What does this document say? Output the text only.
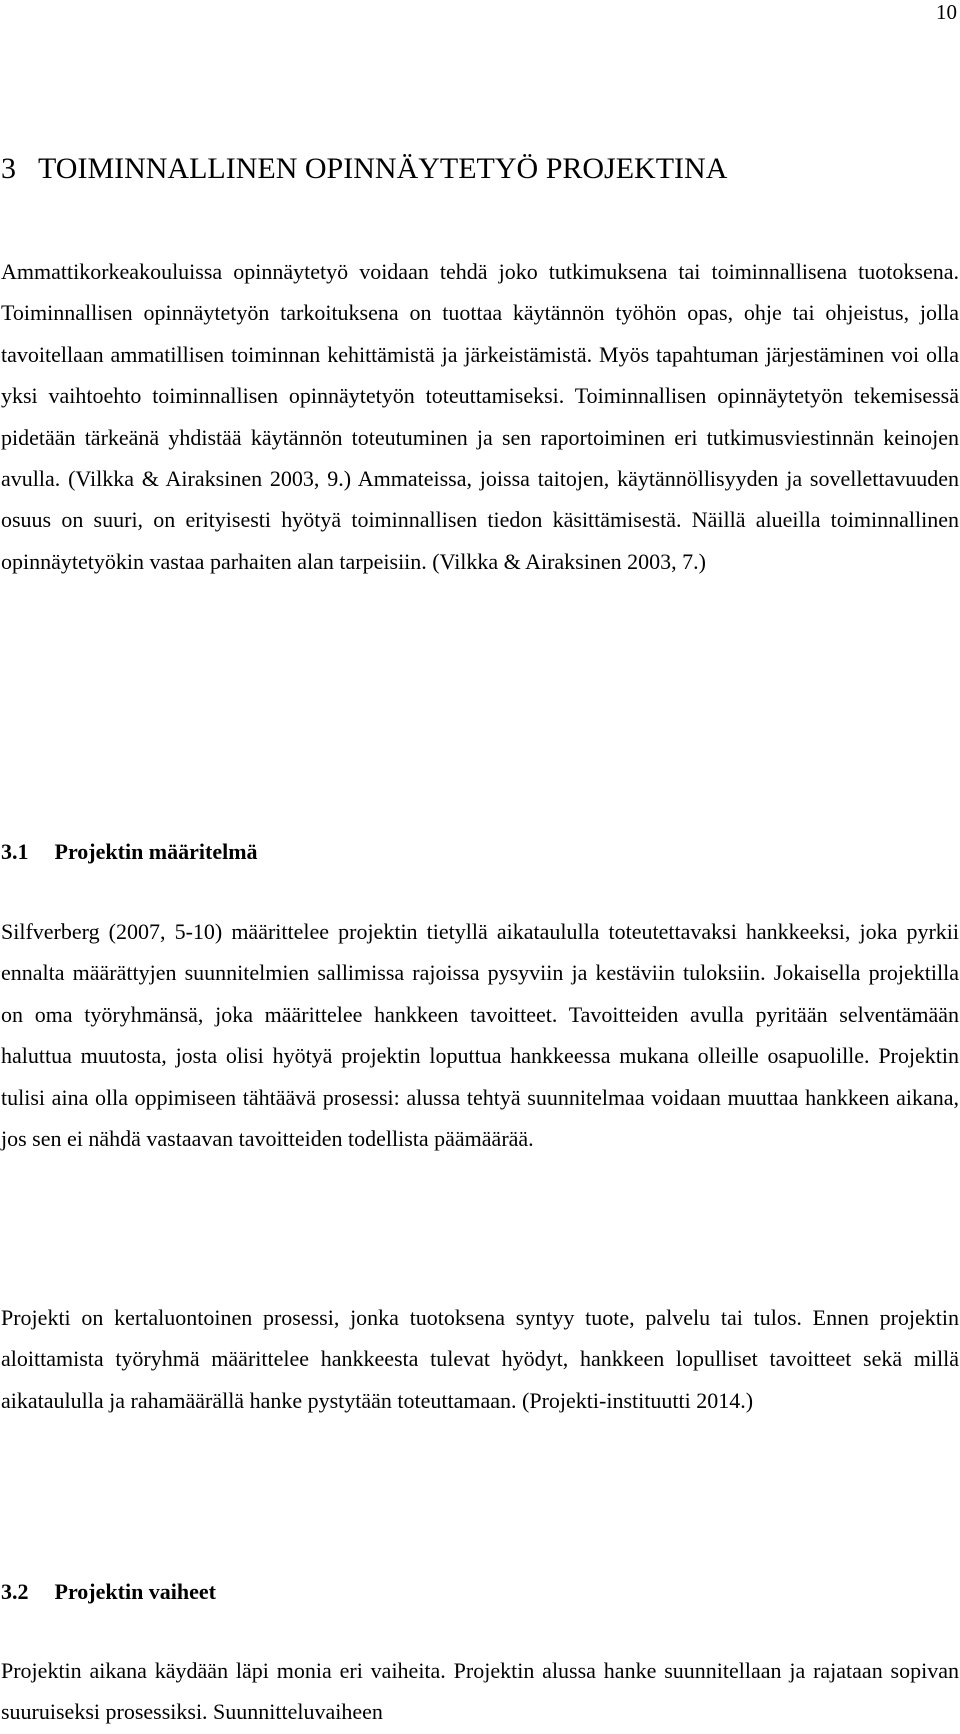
10
3 TOIMINNALLINEN OPINNÄYTETYÖ PROJEKTINA

Ammattikorkeakouluissa opinnäytetyö voidaan tehdä joko tutkimuksena tai toiminnallisena tuotoksena. Toiminnallisen opinnäytetyön tarkoituksena on tuottaa käytännön työhön opas, ohje tai ohjeistus, jolla tavoitellaan ammatillisen toiminnan kehittämistä ja järkeistämistä. Myös tapahtuman järjestäminen voi olla yksi vaihtoehto toiminnallisen opinnäytetyön toteuttamiseksi. Toiminnallisen opinnäytetyön tekemisessä pidetään tärkeänä yhdistää käytännön toteutuminen ja sen raportoiminen eri tutkimusviestinnän keinojen avulla. (Vilkka & Airaksinen 2003, 9.) Ammateissa, joissa taitojen, käytännöllisyyden ja sovellettavuuden osuus on suuri, on erityisesti hyötyä toiminnallisen tiedon käsittämisestä. Näillä alueilla toiminnallinen opinnäytetyökin vastaa parhaiten alan tarpeisiin. (Vilkka & Airaksinen 2003, 7.)

3.1 Projektin määritelmä

Silfverberg (2007, 5-10) määrittelee projektin tietyllä aikataululla toteutettavaksi hankkeeksi, joka pyrkii ennalta määrättyjen suunnitelmien sallimissa rajoissa pysyviin ja kestäviin tuloksiin. Jokaisella projektilla on oma työryhmänsä, joka määrittelee hankkeen tavoitteet. Tavoitteiden avulla pyritään selventämään haluttua muutosta, josta olisi hyötyä projektin loputtua hankkeessa mukana olleille osapuolille. Projektin tulisi aina olla oppimiseen tähtäävä prosessi: alussa tehtyä suunnitelmaa voidaan muuttaa hankkeen aikana, jos sen ei nähdä vastaavan tavoitteiden todellista päämäärää.

Projekti on kertaluontoinen prosessi, jonka tuotoksena syntyy tuote, palvelu tai tulos. Ennen projektin aloittamista työryhmä määrittelee hankkeesta tulevat hyödyt, hankkeen lopulliset tavoitteet sekä millä aikataululla ja rahamäärällä hanke pystytään toteuttamaan. (Projekti-instituutti 2014.)

3.2 Projektin vaiheet

Projektin aikana käydään läpi monia eri vaiheita. Projektin alussa hanke suunnitellaan ja rajataan sopivan suuruiseksi prosessiksi. Suunnitteluvaiheen
